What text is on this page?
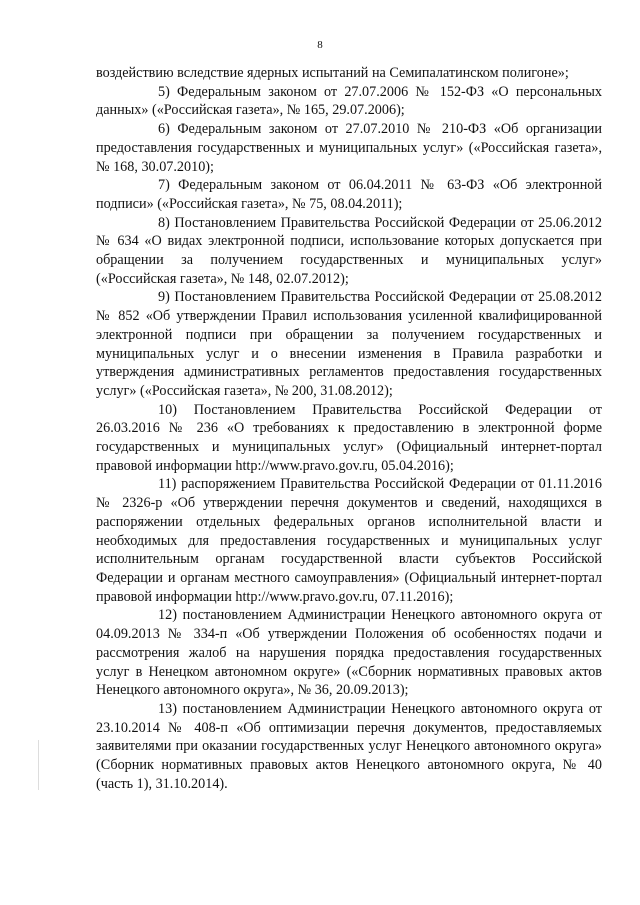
8

воздействию вследствие ядерных испытаний на Семипалатинском полигоне»;

5) Федеральным законом от 27.07.2006 № 152-ФЗ «О персональных данных» («Российская газета», № 165, 29.07.2006);

6) Федеральным законом от 27.07.2010 № 210-ФЗ «Об организации предоставления государственных и муниципальных услуг» («Российская газета», № 168, 30.07.2010);

7) Федеральным законом от 06.04.2011 № 63-ФЗ «Об электронной подписи» («Российская газета», № 75, 08.04.2011);

8) Постановлением Правительства Российской Федерации от 25.06.2012 № 634 «О видах электронной подписи, использование которых допускается при обращении за получением государственных и муниципальных услуг» («Российская газета», № 148, 02.07.2012);

9) Постановлением Правительства Российской Федерации от 25.08.2012 № 852 «Об утверждении Правил использования усиленной квалифицированной электронной подписи при обращении за получением государственных и муниципальных услуг и о внесении изменения в Правила разработки и утверждения административных регламентов предоставления государственных услуг» («Российская газета», № 200, 31.08.2012);

10) Постановлением Правительства Российской Федерации от 26.03.2016 № 236 «О требованиях к предоставлению в электронной форме государственных и муниципальных услуг» (Официальный интернет-портал правовой информации http://www.pravo.gov.ru, 05.04.2016);

11) распоряжением Правительства Российской Федерации от 01.11.2016 № 2326-р «Об утверждении перечня документов и сведений, находящихся в распоряжении отдельных федеральных органов исполнительной власти и необходимых для предоставления государственных и муниципальных услуг исполнительным органам государственной власти субъектов Российской Федерации и органам местного самоуправления» (Официальный интернет-портал правовой информации http://www.pravo.gov.ru, 07.11.2016);

12) постановлением Администрации Ненецкого автономного округа от 04.09.2013 № 334-п «Об утверждении Положения об особенностях подачи и рассмотрения жалоб на нарушения порядка предоставления государственных услуг в Ненецком автономном округе» («Сборник нормативных правовых актов Ненецкого автономного округа», № 36, 20.09.2013);

13) постановлением Администрации Ненецкого автономного округа от 23.10.2014 № 408-п «Об оптимизации перечня документов, предоставляемых заявителями при оказании государственных услуг Ненецкого автономного округа» (Сборник нормативных правовых актов Ненецкого автономного округа, № 40 (часть 1), 31.10.2014).
